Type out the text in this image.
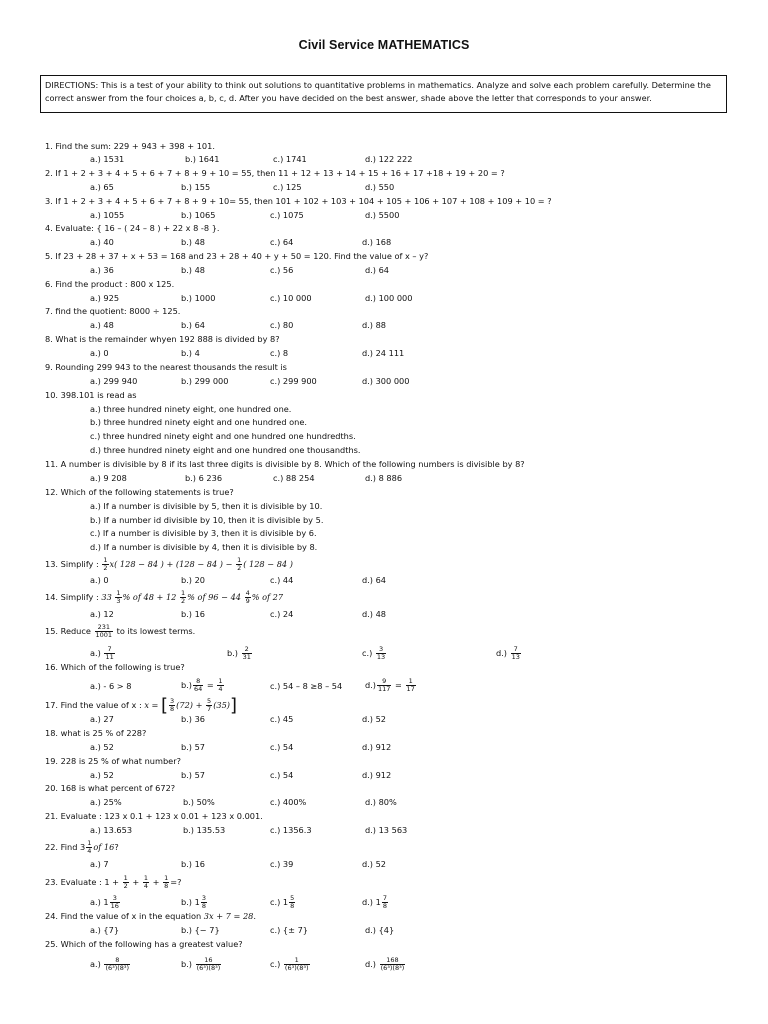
Civil Service MATHEMATICS
DIRECTIONS: This is a test of your ability to think out solutions to quantitative problems in mathematics. Analyze and solve each problem carefully. Determine the correct answer from the four choices a, b, c, d. After you have decided on the best answer, shade above the letter that corresponds to your answer.
1. Find the sum: 229 + 943 + 398 + 101.
a.) 1531	b.) 1641	c.) 1741	d.) 122 222
2. If 1 + 2 + 3 + 4 + 5 + 6 + 7 + 8 + 9 + 10 = 55, then 11 + 12 + 13 + 14 + 15 + 16 + 17 +18 + 19 + 20 = ?
a.) 65	b.) 155	c.) 125	d.) 550
3. If 1 + 2 + 3 + 4 + 5 + 6 + 7 + 8 + 9 + 10= 55, then 101 + 102 + 103 + 104 + 105 + 106 + 107 + 108 + 109 + 10 = ?
a.) 1055	b.) 1065	c.) 1075	d.) 5500
4. Evaluate: { 16 – ( 24 – 8 ) + 22 x 8 -8 }.
a.) 40	b.) 48	c.) 64	d.) 168
5. If 23 + 28 + 37 + x + 53 = 168 and 23 + 28 + 40 + y + 50 = 120. Find the value of x – y?
a.) 36	b.) 48	c.) 56	d.) 64
6. Find the product : 800 x 125.
a.) 925	b.) 1000	c.) 10 000	d.) 100 000
7. find the quotient: 8000 ÷ 125.
a.) 48	b.) 64	c.) 80	d.) 88
8. What is the remainder whyen 192 888 is divided by 8?
a.) 0	b.) 4	c.) 8	d.) 24 111
9. Rounding 299 943 to the nearest thousands the result is
a.) 299 940	b.) 299 000	c.) 299 900	d.) 300 000
10. 398.101 is read as
a.) three hundred ninety eight, one hundred one.
b.) three hundred ninety eight and one hundred one.
c.) three hundred ninety eight and one hundred one hundredths.
d.) three hundred ninety eight and one hundred one thousandths.
11. A number is divisible by 8 if its last three digits is divisible by 8. Which of the following numbers is divisible by 8?
a.) 9 208	b.) 6 236	c.) 88 254	d.) 8 886
12. Which of the following statements is true?
a.) If a number is divisible by 5, then it is divisible by 10.
b.) If a number id divisible by 10, then it is divisible by 5.
c.) If a number is divisible by 3, then it is divisible by 6.
d.) If a number is divisible by 4, then it is divisible by 8.
13. Simplify : $\frac{1}{2} x$( 128 − 84 ) + (128 − 84 ) − $\frac{1}{2}$ ( 128 − 84 )
a.) 0	b.) 20	c.) 44	d.) 64
14. Simplify : $33 \frac{1}{3}$ % of $48 + 12 \frac{1}{2}$ % of $96 - 44 \frac{4}{9}$ % of 27
a.) 12	b.) 16	c.) 24	d.) 48
15. Reduce $\frac{231}{1001}$ to its lowest terms.
$a.) \frac{7}{11}$	$b.) \frac{2}{31}$	$c.) \frac{3}{13}$	$d.) \frac{7}{13}$
16. Which of the following is true?
a.) - 6 > 8	$b.) \frac{8}{64} = \frac{1}{4}$	c.) 54 – 8 ≥8 – 54	$d.) \frac{9}{117} = \frac{1}{17}$
17. Find the value of x : x = [ $\frac{3}{8} (72) + \frac{5}{7} (35)$]
a.) 27	b.) 36	c.) 45	d.) 52
18. what is 25 % of 228?
a.) 52	b.) 57	c.) 54	d.) 912
19. 228 is 25 % of what number?
a.) 52	b.) 57	c.) 54	d.) 912
20. 168 is what percent of 672?
a.) 25%	b.) 50%	c.) 400%	d.) 80%
21. Evaluate : 123 x 0.1 + 123 x 0.01 + 123 x 0.001.
a.) 13.653	b.) 135.53	c.) 1356.3	d.) 13 563
22. Find $3 \frac{1}{4}$ of 16?
a.) 7	b.) 16	c.) 39	d.) 52
23. Evaluate : $1 + \frac{1}{2} + \frac{1}{4} + \frac{1}{8}$ =?
a.) $1 \frac{3}{16}$	b.) $1 \frac{3}{8}$	c.) $1 \frac{5}{8}$	d.) $1 \frac{7}{8}$
24. Find the value of x in the equation 3x + 7 = 28.
a.) {7}	b.) {− 7}	c.) {± 7}	d.) {4}
25. Which of the following has a greatest value?
$a.) \frac{8}{\text{(6³)(8³)}}$	$b.) \frac{16}{\text{(6³)(8³)}}$	$c.) \frac{1}{\text{(6³)(8³)}}$	$d.) \frac{168}{\text{(6³)(8³)}}$
